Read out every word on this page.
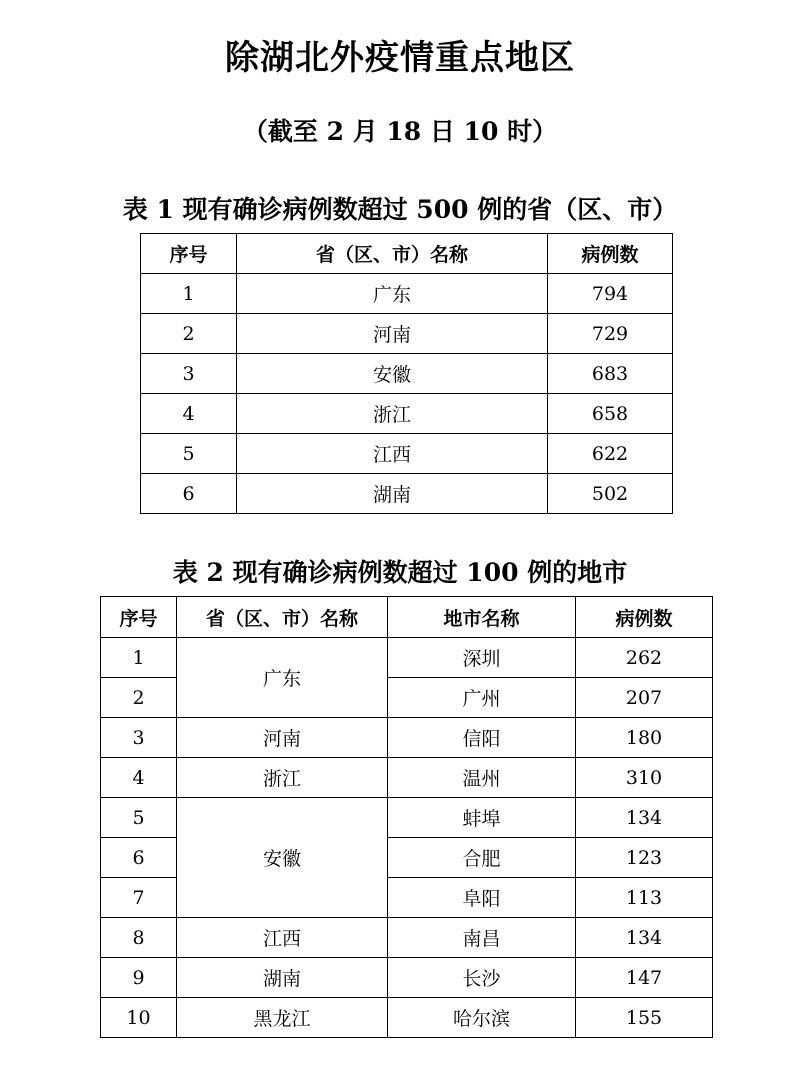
除湖北外疫情重点地区
（截至 2 月 18 日 10 时）
表 1 现有确诊病例数超过 500 例的省（区、市）
序号	省（区、市）名称	病例数
1	广东	794
2	河南	729
3	安徽	683
4	浙江	658
5	江西	622
6	湖南	502
表 2 现有确诊病例数超过 100 例的地市
序号	省（区、市）名称	地市名称	病例数
1	广东	深圳	262
2		广州	207
3	河南	信阳	180
4	浙江	温州	310
5	安徽	蚌埠	134
6		合肥	123
7		阜阳	113
8	江西	南昌	134
9	湖南	长沙	147
10	黑龙江	哈尔滨	155
